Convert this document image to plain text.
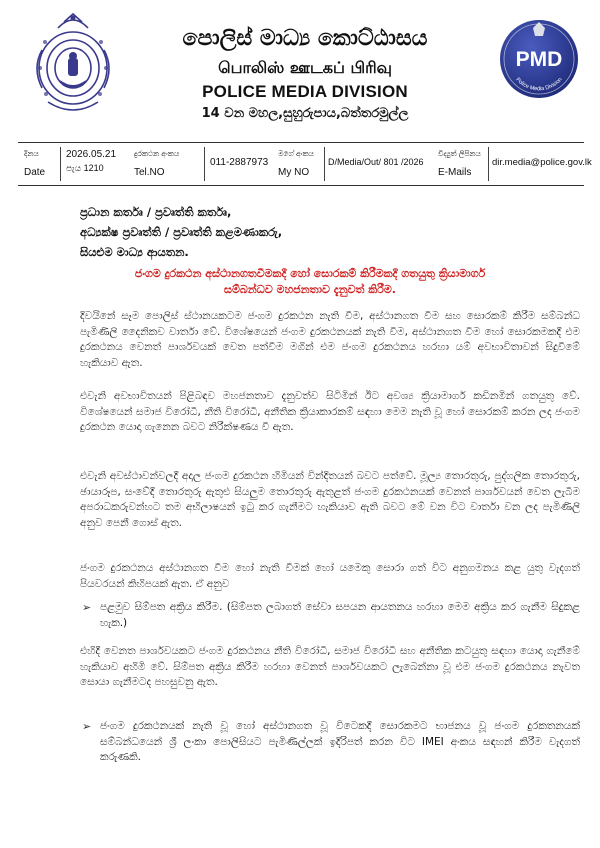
පොලිස් මාධ්‍ය කොට්ඨාසය
பொலிஸ் ஊடகப் பிரிவு
POLICE MEDIA DIVISION
14 වන මහල,සුහුරුපාය,බත්තරමුල්ල
PMD
Police Media Division
දිනය
Date
2026.05.21
පැය 1210
දුරකථන අංකය
Tel.NO
011-2887973
මගේ අංකය
My NO
D/Media/Out/ 801 /2026
විද්‍යුත් ලිපිනය
E-Mails
dir.media@police.gov.lk
ප්‍රධාන කර්තෘ / ප්‍රවෘත්ති කර්තෘ,
අධ්‍යක්ෂ ප්‍රවෘත්ති / ප්‍රවෘත්ති කළමණාකරු,
සියළුම මාධ්‍ය ආයතන.
ජංගම දුරකථන අස්ථානගතවීමකදී හෝ සොරකම් කිරීමකදී ගතයුතු ක්‍රියාමාර්ග
සම්බන්ධව මහජනතාව දැනුවත් කිරීම.
දිවයිනේ සෑම පොලිස් ස්ථානයකටම ජංගම දුරකථන නැති වීම, අස්ථානගත වීම සහ සොරකම් කිරීම සම්බන්ධ පැමිණිලි දෛනිකව වාර්තා වේ. විශේෂයෙන් ජංගම දුරකථනයක් නැති වීම, අස්ථානගත වීම හෝ සොරකමකදී එම දුරකථනය වෙනත් පාර්ශවයක් වෙත පත්වීම මගින් එම ජංගම දුරකථනය හරහා යම් අවභාවිතාවන් සිදුවීමේ හැකියාව ඇත.
එවැනි අවභාවිතයන් පිළිබඳව මහජනතාව දැනුවත්ව සිටිමින් ඊට අවශ්‍ය ක්‍රියාමාර්ග කඩිනමින් ගතයුතු වේ. විශේෂයෙන් සමාජ විරෝධී, නීති විරෝධී, අනීතික ක්‍රියාකාරකම් සඳහා මෙම නැති වූ හෝ සොරකම් කරන ලද ජංගම දුරකථන යොදා ගැනෙන බවට නිරීක්ෂණය වී ඇත.
එවැනි අවස්ථාවන්වලදී අදාල ජංගම දුරකථන හිමියන් වින්දිතයන් බවට පත්වේ. මූල්‍ය තොරතුරු, පුද්ගලික තොරතුරු, ඡායාරූප, සංවේදී තොරතුරු ඇතුළු සියලුම තොරතුරු ඇතුළත් ජංගම දුරකථනයක් වෙනත් පාර්ශවයන් වෙත ලැබීම අපරාධකරුවන්හට තම අභිලාෂයන් ඉටු කර ගැනීමට හැකියාව ඇති බවට මේ වන විට වාර්තා වන ලද පැමිණිලි අනුව පෙනී ගොස් ඇත.
ජංගම දුරකථනය අස්ථානගත වීම හෝ නැති වීමක් හෝ යමෙකු සොරා ගත් විට අනුගමනය කළ යුතු වැදගත් පියවරයන් කිහිපයක් ඇත. ඒ අනුව
➢ පළමුව සිම්පත අක්‍රිය කිරීම. (සිම්පත ලබාගත් සේවා සපයන ආයතනය හරහා මෙම අක්‍රිය කර ගැනීම සිදුකළ හැක.)
එහිදී වෙනත පාර්ශවයකට ජංගම දුරකථනය නීති විරෝධී, සමාජ විරෝධී සහ අනීතික කටයුතු සඳහා යොදා ගැනීමේ හැකියාව අහිමි වේ. සිම්පත අක්‍රිය කිරීම හරහා වෙනත් පාර්ශවයකට ලැබෙන්නා වූ එම ජංගම දුරකථනය නැවත සොයා ගැනීමටද පහසුවනු ඇත.
➢ ජංගම දුරකථනයක් නැති වූ හෝ අස්ථානගත වූ විටෙකදී සොරකමට භාජනය වූ ජංගම දුරකතනයක් සම්බන්ධයෙන් ශ්‍රී ලංකා පොලිසියට පැමිණිල්ලක් ඉදිරිපත් කරන විට IMEI අංකය සඳහන් කිරීම වැදගත් කරුණකි.
